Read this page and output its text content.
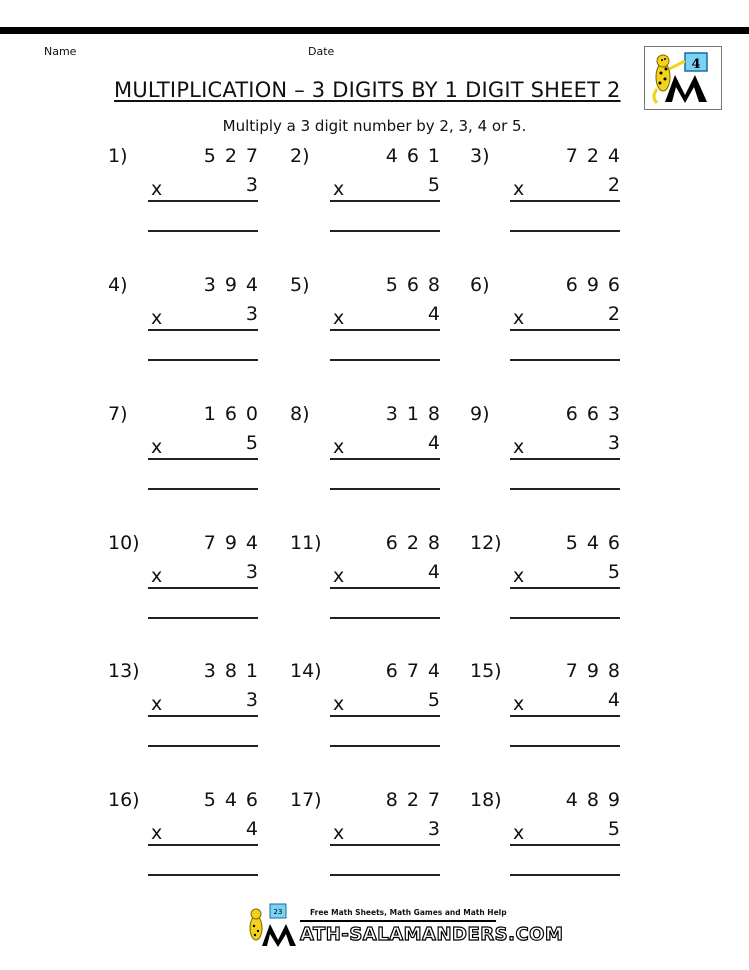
Name	Date
MULTIPLICATION – 3 DIGITS BY 1 DIGIT SHEET 2
4
Multiply a 3 digit number by 2, 3, 4 or 5.
1)	527
x	3
2)	461
x	5
3)	724
x	2
4)	394
x	3
5)	568
x	4
6)	696
x	2
7)	160
x	5
8)	318
x	4
9)	663
x	3
10)	794
x	3
11)	628
x	4
12)	546
x	5
13)	381
x	3
14)	674
x	5
15)	798
x	4
16)	546
x	4
17)	827
x	3
18)	489
x	5
23	Free Math Sheets, Math Games and Math Help
ATH-SALAMANDERS.COM
